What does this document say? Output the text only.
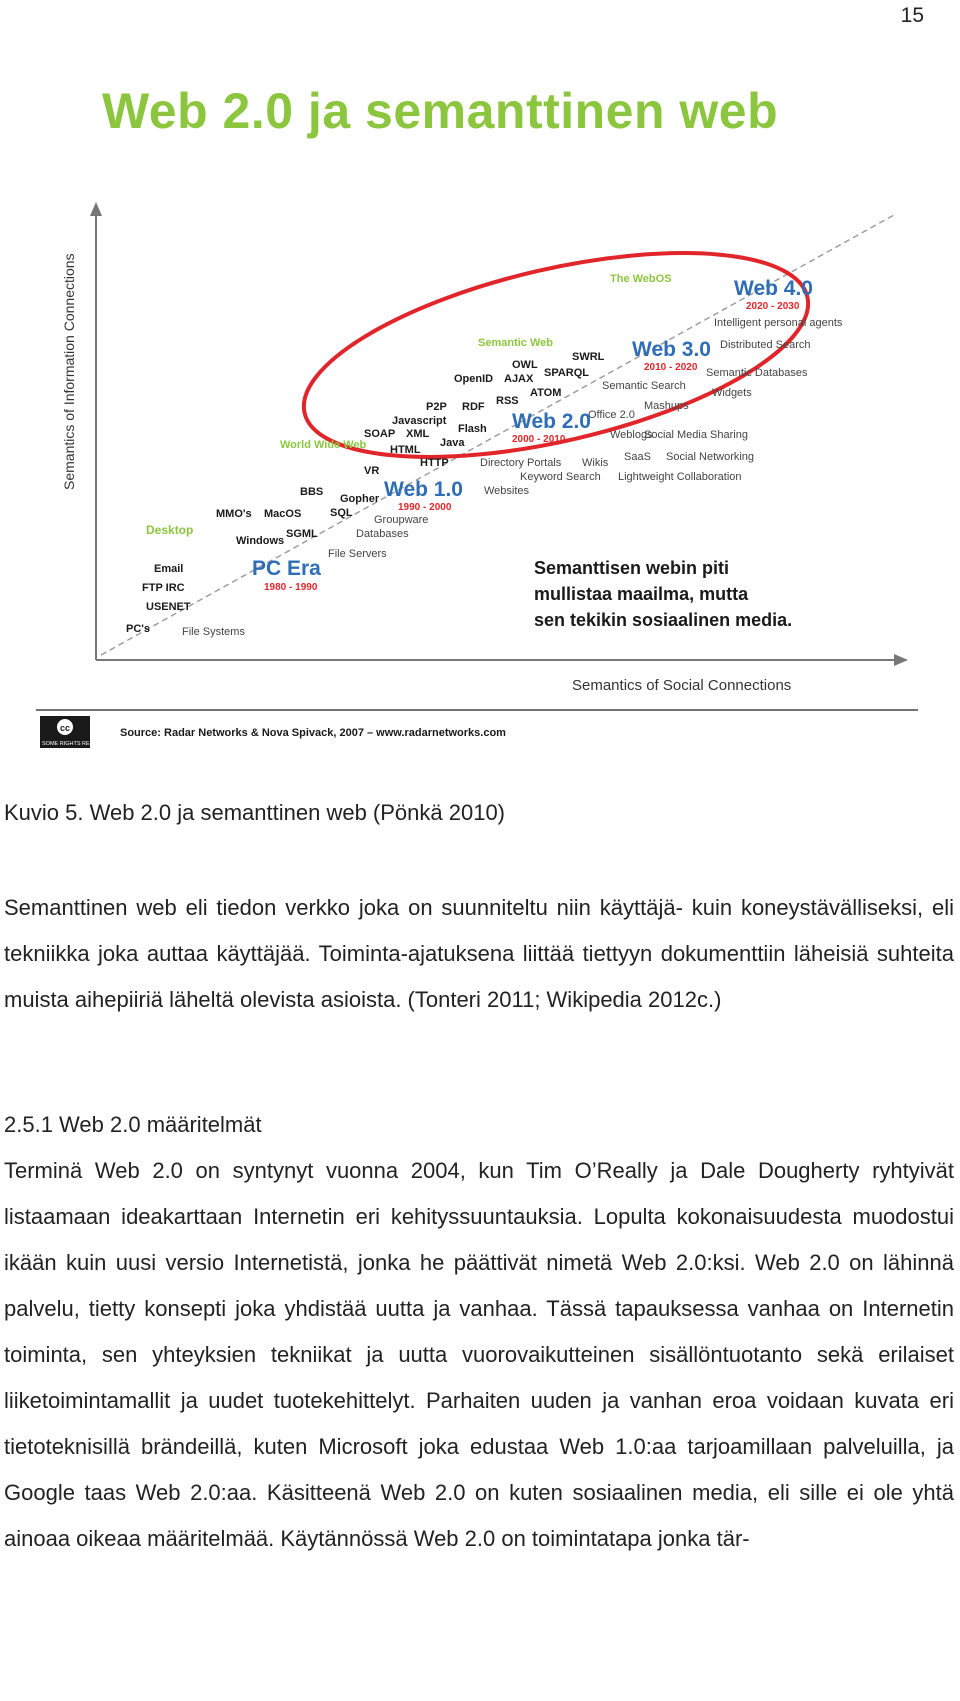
15
Web 2.0 ja semanttinen web
Semantics of Information Connections
Semantics of Social Connections
Desktop
World Wide Web
Semantic Web
The WebOS
PC Era
1980 - 1990
Web 1.0
1990 - 2000
Web 2.0
2000 - 2010
Web 3.0
2010 - 2020
Web 4.0
2020 - 2030
PC's
USENET
FTP IRC
Email
Windows
MMO's MacOS
BBS
SGML
SQL
Gopher
VR
HTML
SOAP XML
Javascript
P2P RDF
OpenID AJAX
OWL
SWRL
SPARQL
RSS
ATOM
Flash
Java
HTTP
File Systems
File Servers
Databases
Groupware
Websites
Keyword Search
Directory Portals Wikis
Weblogs
Office 2.0
Semantic Search
Mashups
Social Media Sharing
SaaS Social Networking
Lightweight Collaboration
Widgets
Semantic Databases
Distributed Search
Intelligent personal agents
Semanttisen webin piti
mullistaa maailma, mutta
sen tekikin sosiaalinen media.
cc
SOME RIGHTS RESERVED
Source: Radar Networks & Nova Spivack, 2007 – www.radarnetworks.com
Kuvio 5. Web 2.0 ja semanttinen web (Pönkä 2010)
Semanttinen web eli tiedon verkko joka on suunniteltu niin käyttäjä- kuin koneystävälliseksi, eli tekniikka joka auttaa käyttäjää. Toiminta-ajatuksena liittää tiettyyn dokumenttiin läheisiä suhteita muista aihepiiriä läheltä olevista asioista. (Tonteri 2011; Wikipedia 2012c.)
2.5.1 Web 2.0 määritelmät
Terminä Web 2.0 on syntynyt vuonna 2004, kun Tim O’Really ja Dale Dougherty ryhtyivät listaamaan ideakarttaan Internetin eri kehityssuuntauksia. Lopulta kokonaisuudesta muodostui ikään kuin uusi versio Internetistä, jonka he päättivät nimetä Web 2.0:ksi. Web 2.0 on lähinnä palvelu, tietty konsepti joka yhdistää uutta ja vanhaa. Tässä tapauksessa vanhaa on Internetin toiminta, sen yhteyksien tekniikat ja uutta vuorovaikutteinen sisällöntuotanto sekä erilaiset liiketoimintamallit ja uudet tuotekehittelyt. Parhaiten uuden ja vanhan eroa voidaan kuvata eri tietoteknisillä brändeillä, kuten Microsoft joka edustaa Web 1.0:aa tarjoamillaan palveluilla, ja Google taas Web 2.0:aa. Käsitteenä Web 2.0 on kuten sosiaalinen media, eli sille ei ole yhtä ainoaa oikeaa määritelmää. Käytännössä Web 2.0 on toimintatapa jonka tär-
